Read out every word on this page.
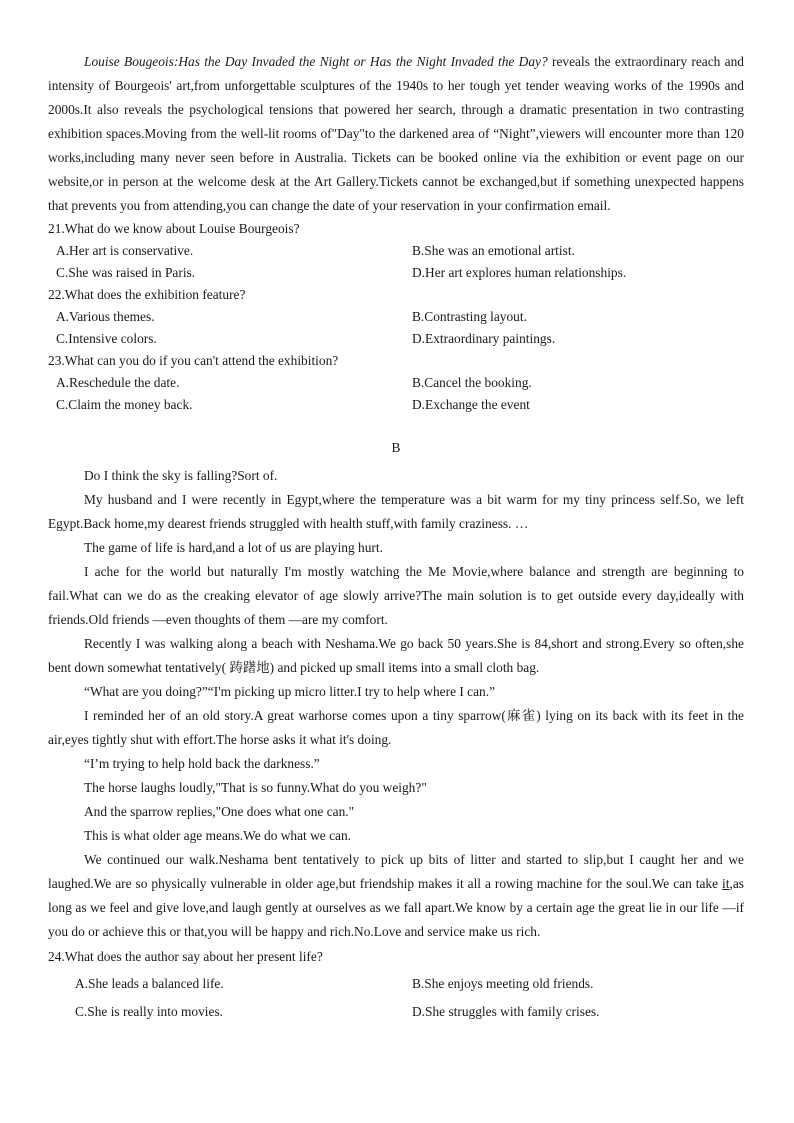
Louise Bougeois:Has the Day Invaded the Night or Has the Night Invaded the Day? reveals the extraordinary reach and intensity of Bourgeois' art,from unforgettable sculptures of the 1940s to her tough yet tender weaving works of the 1990s and 2000s.It also reveals the psychological tensions that powered her search, through a dramatic presentation in two contrasting exhibition spaces.Moving from the well-lit rooms of"Day"to the darkened area of “Night”,viewers will encounter more than 120 works,including many never seen before in Australia. Tickets can be booked online via the exhibition or event page on our website,or in person at the welcome desk at the Art Gallery.Tickets cannot be exchanged,but if something unexpected happens that prevents you from attending,you can change the date of your reservation in your confirmation email.

21.What do we know about Louise Bourgeois?

A.Her art is conservative.	B.She was an emotional artist.
C.She was raised in Paris.	D.Her art explores human relationships.

22.What does the exhibition feature?

A.Various themes.	B.Contrasting layout.
C.Intensive colors.	D.Extraordinary paintings.

23.What can you do if you can't attend the exhibition?

A.Reschedule the date.	B.Cancel the booking.
C.Claim the money back.	D.Exchange the event

B

Do I think the sky is falling?Sort of.

My husband and I were recently in Egypt,where the temperature was a bit warm for my tiny princess self.So, we left Egypt.Back home,my dearest friends struggled with health stuff,with family craziness. …

The game of life is hard,and a lot of us are playing hurt.

I ache for the world but naturally I'm mostly watching the Me Movie,where balance and strength are beginning to fail.What can we do as the creaking elevator of age slowly arrive?The main solution is to get outside every day,ideally with friends.Old friends —even thoughts of them —are my comfort.

Recently I was walking along a beach with Neshama.We go back 50 years.She is 84,short and strong.Every so often,she bent down somewhat tentatively( 踌躇地) and picked up small items into a small cloth bag.

“What are you doing?”“I'm picking up micro litter.I try to help where I can.”

I reminded her of an old story.A great warhorse comes upon a tiny sparrow(麻雀) lying on its back with its feet in the air,eyes tightly shut with effort.The horse asks it what it's doing.

“I’m trying to help hold back the darkness.”

The horse laughs loudly,"That is so funny.What do you weigh?"

And the sparrow replies,"One does what one can."

This is what older age means.We do what we can.

We continued our walk.Neshama bent tentatively to pick up bits of litter and started to slip,but I caught her and we laughed.We are so physically vulnerable in older age,but friendship makes it all a rowing machine for the soul.We can take it,as long as we feel and give love,and laugh gently at ourselves as we fall apart.We know by a certain age the great lie in our life —if you do or achieve this or that,you will be happy and rich.No.Love and service make us rich.

24.What does the author say about her present life?

A.She leads a balanced life.	B.She enjoys meeting old friends.
C.She is really into movies.	D.She struggles with family crises.
